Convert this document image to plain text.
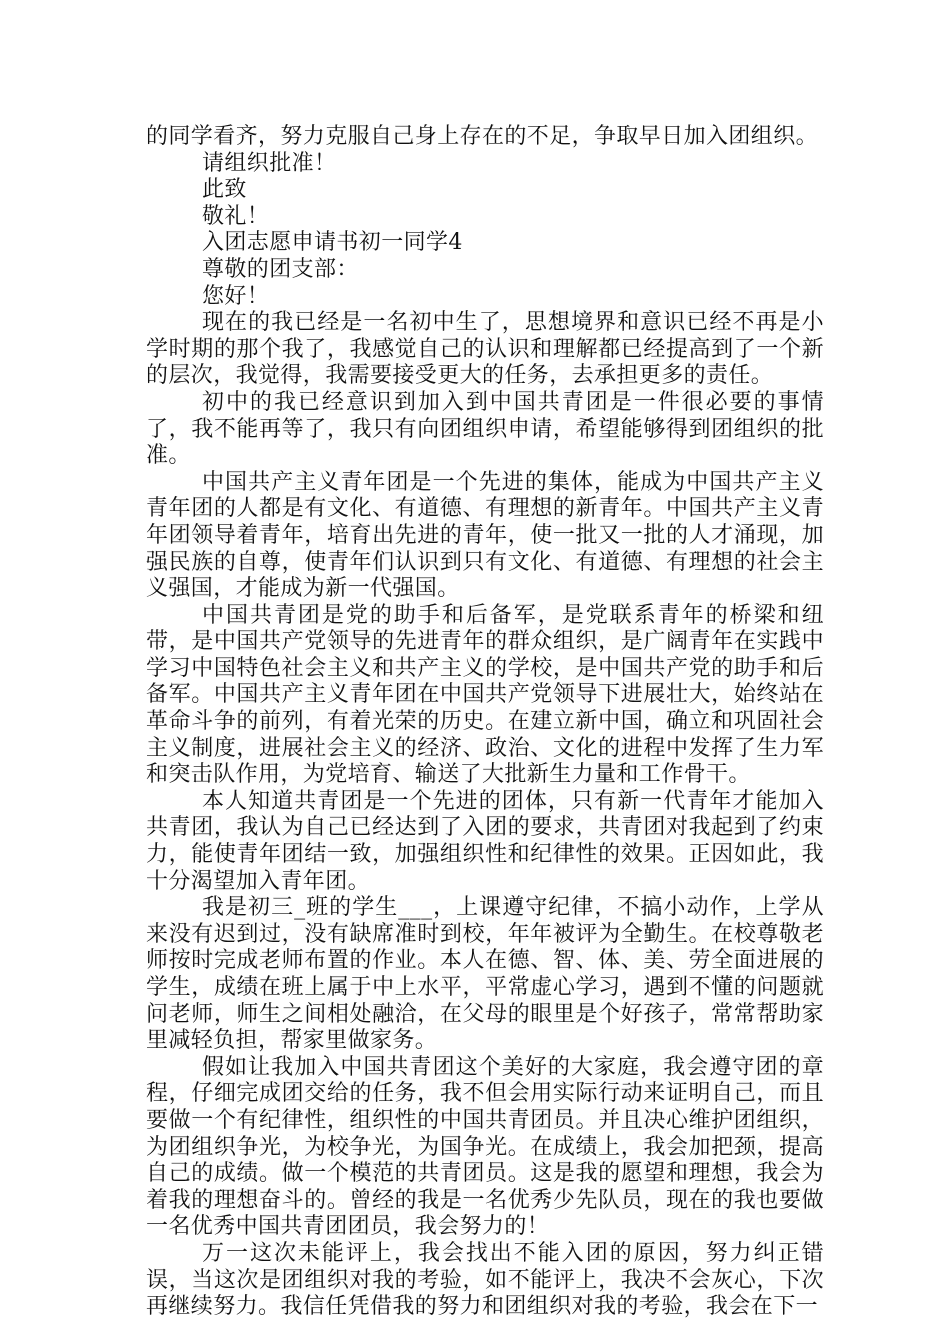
的同学看齐，努力克服自己身上存在的不足，争取早日加入团组织。

请组织批准！

此致

敬礼！

入团志愿申请书初一同学4

尊敬的团支部：

您好！

现在的我已经是一名初中生了，思想境界和意识已经不再是小学时期的那个我了，我感觉自己的认识和理解都已经提高到了一个新的层次，我觉得，我需要接受更大的任务，去承担更多的责任。

初中的我已经意识到加入到中国共青团是一件很必要的事情了，我不能再等了，我只有向团组织申请，希望能够得到团组织的批准。

中国共产主义青年团是一个先进的集体，能成为中国共产主义青年团的人都是有文化、有道德、有理想的新青年。中国共产主义青年团领导着青年，培育出先进的青年，使一批又一批的人才涌现，加强民族的自尊，使青年们认识到只有文化、有道德、有理想的社会主义强国，才能成为新一代强国。

中国共青团是党的助手和后备军，是党联系青年的桥梁和纽带，是中国共产党领导的先进青年的群众组织，是广阔青年在实践中学习中国特色社会主义和共产主义的学校，是中国共产党的助手和后备军。中国共产主义青年团在中国共产党领导下进展壮大，始终站在革命斗争的前列，有着光荣的历史。在建立新中国，确立和巩固社会主义制度，进展社会主义的经济、政治、文化的进程中发挥了生力军和突击队作用，为党培育、输送了大批新生力量和工作骨干。

本人知道共青团是一个先进的团体，只有新一代青年才能加入共青团，我认为自己已经达到了入团的要求，共青团对我起到了约束力，能使青年团结一致，加强组织性和纪律性的效果。正因如此，我十分渴望加入青年团。

我是初三_班的学生___，上课遵守纪律，不搞小动作，上学从来没有迟到过，没有缺席准时到校，年年被评为全勤生。在校尊敬老师按时完成老师布置的作业。本人在德、智、体、美、劳全面进展的学生，成绩在班上属于中上水平，平常虚心学习，遇到不懂的问题就问老师，师生之间相处融洽，在父母的眼里是个好孩子，常常帮助家里减轻负担，帮家里做家务。

假如让我加入中国共青团这个美好的大家庭，我会遵守团的章程，仔细完成团交给的任务，我不但会用实际行动来证明自己，而且要做一个有纪律性，组织性的中国共青团员。并且决心维护团组织，为团组织争光，为校争光，为国争光。在成绩上，我会加把颈，提高自己的成绩。做一个模范的共青团员。这是我的愿望和理想，我会为着我的理想奋斗的。曾经的我是一名优秀少先队员，现在的我也要做一名优秀中国共青团团员，我会努力的！

万一这次未能评上，我会找出不能入团的原因，努力纠正错误，当这次是团组织对我的考验，如不能评上，我决不会灰心，下次再继续努力。我信任凭借我的努力和团组织对我的考验，我会在下一
